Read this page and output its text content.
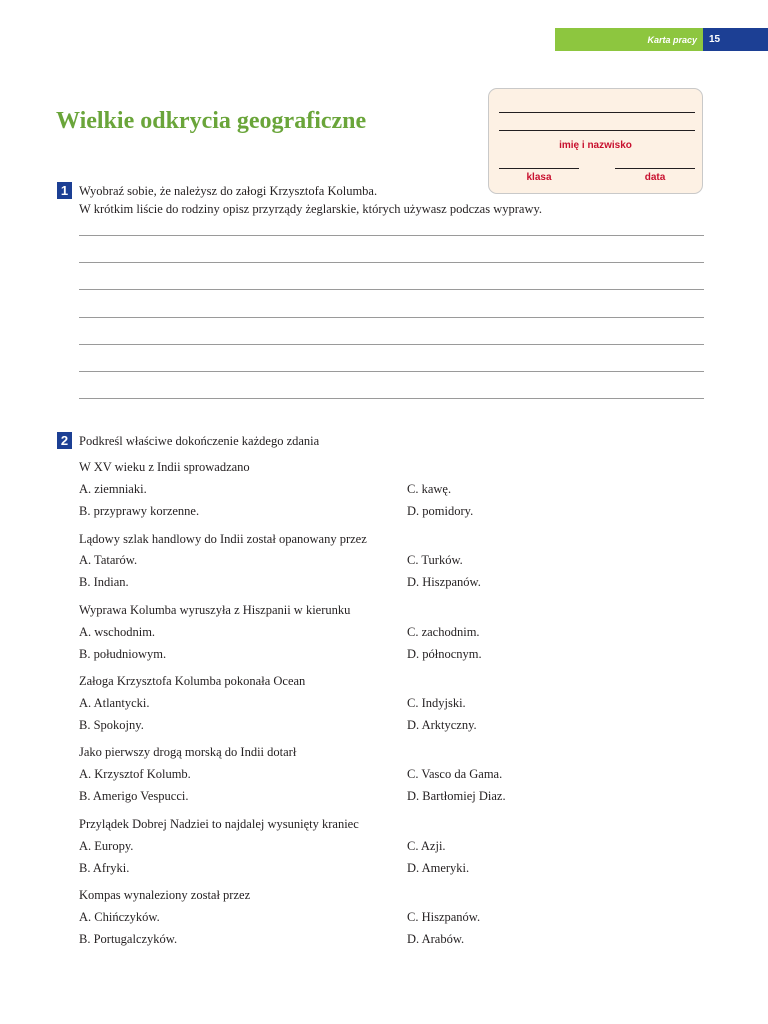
Karta pracy	15
Wielkie odkrycia geograficzne
imię i nazwisko
klasa	data
1 Wyobraź sobie, że należysz do załogi Krzysztofa Kolumba.
W krótkim liście do rodziny opisz przyrządy żeglarskie, których używasz podczas wyprawy.
2 Podkreśl właściwe dokończenie każdego zdania
W XV wieku z Indii sprowadzano
A. ziemniaki.	C. kawę.
B. przyprawy korzenne.	D. pomidory.
Lądowy szlak handlowy do Indii został opanowany przez
A. Tatarów.	C. Turków.
B. Indian.	D. Hiszpanów.
Wyprawa Kolumba wyruszyła z Hiszpanii w kierunku
A. wschodnim.	C. zachodnim.
B. południowym.	D. północnym.
Załoga Krzysztofa Kolumba pokonała Ocean
A. Atlantycki.	C. Indyjski.
B. Spokojny.	D. Arktyczny.
Jako pierwszy drogą morską do Indii dotarł
A. Krzysztof Kolumb.	C. Vasco da Gama.
B. Amerigo Vespucci.	D. Bartłomiej Diaz.
Przylądek Dobrej Nadziei to najdalej wysunięty kraniec
A. Europy.	C. Azji.
B. Afryki.	D. Ameryki.
Kompas wynaleziony został przez
A. Chińczyków.	C. Hiszpanów.
B. Portugalczyków.	D. Arabów.
